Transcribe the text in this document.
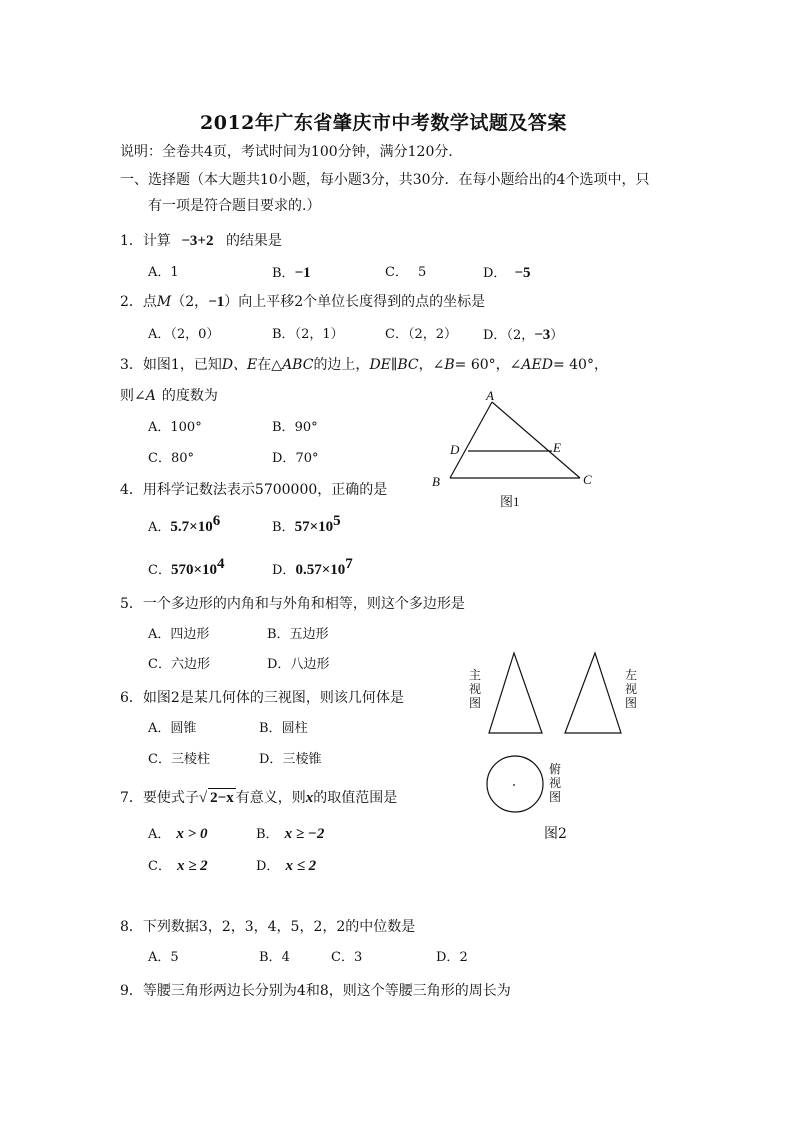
2012年广东省肇庆市中考数学试题及答案
说明：全卷共4页，考试时间为100分钟，满分120分．
一、选择题（本大题共10小题，每小题3分，共30分．在每小题给出的4个选项中，只
有一项是符合题目要求的.）
1．计算 −3+2 的结果是
A．1	B．−1	C． 5	D． −5
2．点M（2，−1）向上平移2个单位长度得到的点的坐标是
A．（2，0）	B．（2，1）	C．（2，2） D．（2，−3）
3．如图1，已知D、E在△ABC的边上，DE∥BC，∠B= 60°，∠AED= 40°，
则∠A 的度数为
A．100°	B．90°
C．80°	D．70°
A
D	E
B	C
图1
4．用科学记数法表示5700000，正确的是
A．$5.7\times 10^6$	B．$57\times 10^5$
C．$570\times 10^4$	D．$0.57\times 10^7$
5．一个多边形的内角和与外角和相等，则这个多边形是
A．四边形	B．五边形
C．六边形	D．八边形
6．如图2是某几何体的三视图，则该几何体是
A．圆锥	B．圆柱
C．三棱柱	D．三棱锥
主视图
左视图
俯视图
图2
7．要使式子√ 2−x 有意义，则x的取值范围是
A． x > 0	B． x ≥ −2
C． x ≥ 2	D． x ≤ 2
8．下列数据3，2，3，4，5，2，2的中位数是
A．5	B．4	C．3	D．2
9．等腰三角形两边长分别为4和8，则这个等腰三角形的周长为
